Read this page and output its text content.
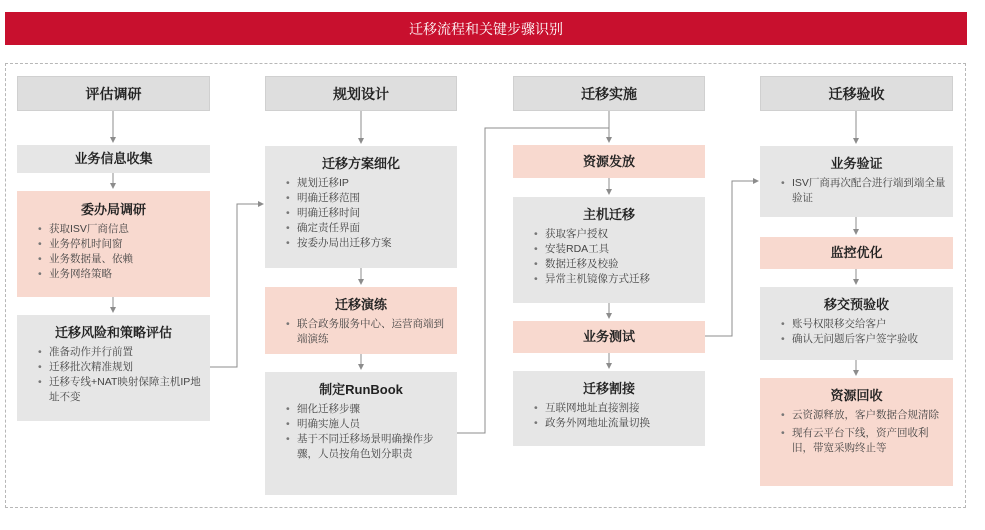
迁移流程和关键步骤识别
评估调研	规划设计	迁移实施	迁移验收
业务信息收集
委办局调研
• 获取ISV厂商信息
• 业务停机时间窗
• 业务数据量、依赖
• 业务网络策略
迁移风险和策略评估
• 准备动作并行前置
• 迁移批次精准规划
• 迁移专线+NAT映射保障主机IP地址不变
迁移方案细化
• 规划迁移IP
• 明确迁移范围
• 明确迁移时间
• 确定责任界面
• 按委办局出迁移方案
迁移演练
• 联合政务服务中心、运营商端到端演练
制定RunBook
• 细化迁移步骤
• 明确实施人员
• 基于不同迁移场景明确操作步骤，人员按角色划分职责
资源发放
主机迁移
• 获取客户授权
• 安装RDA工具
• 数据迁移及校验
• 异常主机镜像方式迁移
业务测试
迁移割接
• 互联网地址直接割接
• 政务外网地址流量切换
业务验证
• ISV厂商再次配合进行端到端全量验证
监控优化
移交预验收
• 账号权限移交给客户
• 确认无问题后客户签字验收
资源回收
• 云资源释放，客户数据合规清除
• 现有云平台下线，资产回收利旧，带宽采购终止等
